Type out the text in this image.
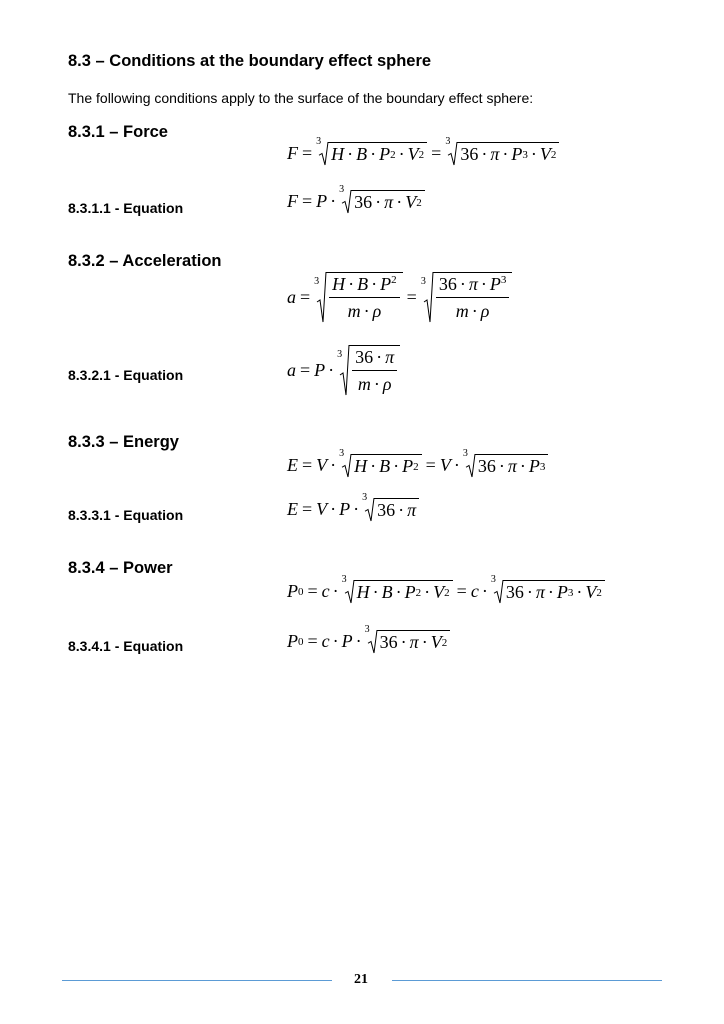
8.3 – Conditions at the boundary effect sphere
The following conditions apply to the surface of the boundary effect sphere:
8.3.1 – Force
F =
3
H · B · P 2 · V 2 =
3
36 · π · P 3 · V 2
8.3.1.1 - Equation	F = P ·
3
36 · π · V 2
8.3.2 – Acceleration
a =
$3 \frac{H \cdot B \cdot P^2}{m \cdot \rho}$ =
$3 \frac{36 \cdot \pi \cdot P^3}{m \cdot \rho}$
8.3.2.1 - Equation	a = P ·
$3 \frac{36 \cdot \pi}{m \cdot \rho}$
8.3.3 – Energy
E = V ·
3
H · B · P 2 = V ·
3
36 · π · P 3
8.3.3.1 - Equation	E = V · P ·
3
36 · π
8.3.4 – Power
P 0 = c ·
3
H · B · P 2 · V 2 = c ·
3
36 · π · P 3 · V 2
8.3.4.1 - Equation	P 0 = c · P ·
3
36 · π · V 2
21
